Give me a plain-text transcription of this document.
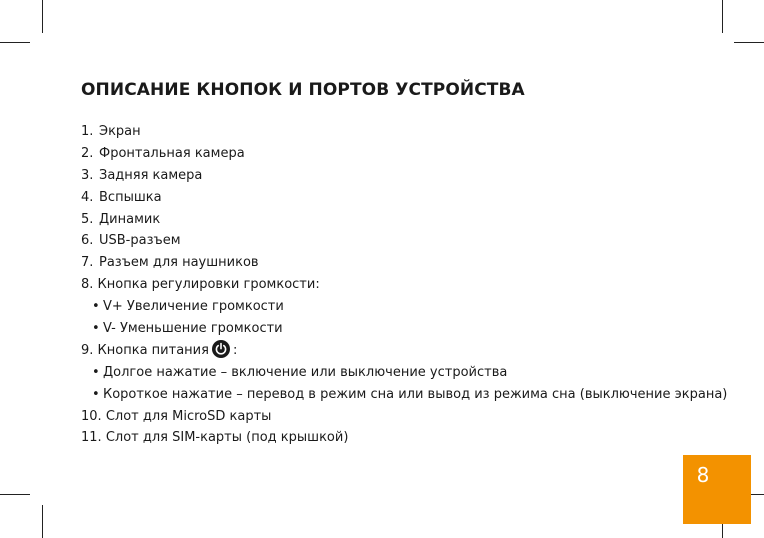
ОПИСАНИЕ КНОПОК И ПОРТОВ УСТРОЙСТВА
1. Экран
2. Фронтальная камера
3. Задняя камера
4. Вспышка
5. Динамик
6. USB-разъем
7. Разъем для наушников
8. Кнопка регулировки громкости:
• V+ Увеличение громкости
• V- Уменьшение громкости
9. Кнопка питания :
• Долгое нажатие – включение или выключение устройства
• Короткое нажатие – перевод в режим сна или вывод из режима сна (выключение экрана)
10. Слот для MicroSD карты
11. Слот для SIM-карты (под крышкой)
8
